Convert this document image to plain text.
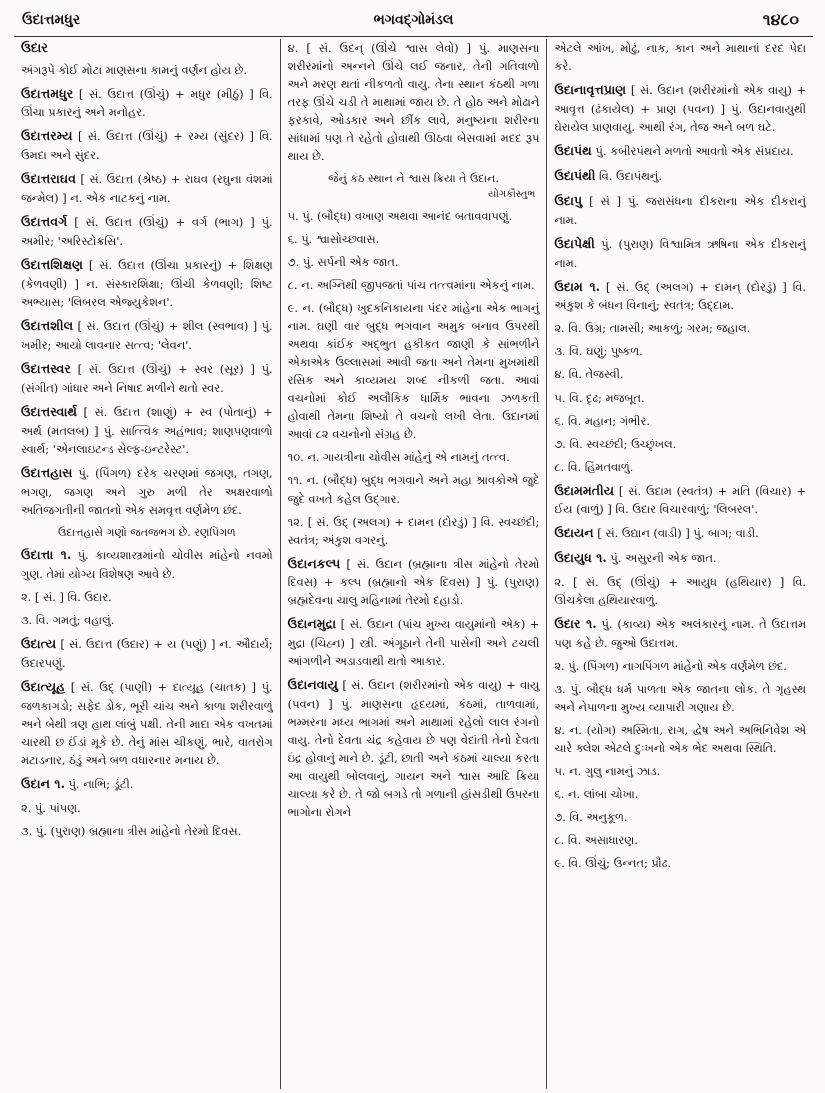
ઉદાત્તમધુર	ભગવદ્ગોમંડલ	૧૪૮૦
ઉદાર
અંગરૂપે કોઈ મોટા માણસના કામનું વર્ણન હોય છે.
ઉદાત્તમધુર [ સં. ઉદાત્ત (ઊંચું) + મધુર (મીઠું) ] વિ. ઊંચા પ્રકારનું અને મનોહર.
ઉદાત્તરમ્ય [ સં. ઉદાત્ત (ઊંચું) + રમ્ય (સુંદર) ] વિ. ઉમદા અને સુંદર.
ઉદાત્તરાઘવ [ સં. ઉદાત્ત (શ્રેષ્ઠ) + રાઘવ (રઘુના વંશમાં જન્મેલ) ] ન. એક નાટકનું નામ.
ઉદાત્તવર્ગ [ સં. ઉદાત્ત (ઊંચું) + વર્ગ (ભાગ) ] પું. અમીર; 'અરિસ્ટોક્રસિ'.
ઉદાત્તશિક્ષણ [ સં. ઉદાત્ત (ઊંચા પ્રકારનું) + શિક્ષણ (કેળવણી) ] ન. સંસ્કારશિક્ષા; ઊંચી કેળવણી; શિષ્ટ અભ્યાસ; 'લિબરલ એજ્યુકેશન'.
ઉદાત્તશીલ [ સં. ઉદાત્ત (ઊંચું) + શીલ (સ્વભાવ) ] પું. ખમીર; આયો લાવનાર સત્ત્વ; 'લેવન'.
ઉદાત્તસ્વર [ સં. ઉદાત્ત (ઊંચું) + સ્વર (સૂર) ] પું. (સંગીત) ગાંધાર અને નિષાદ મળીને થતો સ્વર.
ઉદાત્તસ્વાર્થ [ સં. ઉદાત્ત (શાણું) + સ્વ (પોતાનું) + અર્થ (મતલબ) ] પું. સાત્ત્વિક અહંભાવ; શાણપણવાળો સ્વાર્થ; 'એનલાઇટન્ડ સેલ્ફ-ઇન્ટરેસ્ટ'.
ઉદાત્તહાસ પું. (પિંગળ) દરેક ચરણમાં જગણ, તગણ, ભગણ, જગણ અને ગુરુ મળી તેર અક્ષરવાળો અતિજગતીની જાતનો એક સમવૃત્ત વર્ણમેળ છંદ.
ઉદાત્તહાસે ગણો જતજભગ છે. રણપિંગળ
ઉદાત્તા ૧. પું. કાવ્યશાસ્ત્રમાંનો ચોવીસ માંહેનો નવમો ગુણ. તેમાં યોગ્ય વિશેષણ આવે છે.
૨. [ સં. ] વિ. ઉદાર.
૩. વિ. ગમતું; વહાલું.
ઉદાત્ય [ સં. ઉદાત્ત (ઉદાર) + ય (પણું) ] ન. ઔદાર્ય; ઉદારપણું.
ઉદાત્યૂહ [ સં. ઉદ્ (પાણી) + દાત્યૂહ (ચાતક) ] પું. જળકાગડો; સફેદ ડોક, ભૂરી ચાંચ અને કાળા શરીરવાળું અને બેથી ત્રણ હાથ લાંબું પક્ષી. તેની માદા એક વખતમાં ચારથી છ ઈંડાં મૂકે છે. તેનું માંસ ચીકણું, ભારે, વાતરોગ મટાડનાર, ઠંડું અને બળ વધારનાર મનાય છે.
ઉદાન ૧. પું. નાભિ; ડૂંટી.
૨. પું. પાંપણ.
૩. પું. (પુરાણ) બ્રહ્માના ત્રીસ માંહેનો તેરમો દિવસ.
૪. [ સં. ઉદન્ (ઊંચે શ્વાસ લેવો) ] પું. માણસના શરીરમાંનો અન્નને ઊંચે લઈ જનાર, તેની ગતિવાળો અને મરણ થતાં નીકળતો વાયુ. તેના સ્થાન કંઠથી ગળા તરફ ઊંચે ચડી તે માથામાં જાય છે. તે હોઠ અને મોઢાને ફરકાવે, ઓડકાર અને છીંક લાવે, મનુષ્યના શરીરના સાંધામાં પણ તે રહેતો હોવાથી ઊઠવા બેસવામાં મદદ રૂપ થાય છે.
જેનું કંઠ સ્થાન ને શ્વાસ ક્રિયા તે ઉદાન.
યોગકૌસ્તુભ
૫. પું. (બૌદ્ધ) વખાણ અથવા આનંદ બતાવવાપણું.
૬. પું. શ્વાસોચ્છ્વાસ.
૭. પું. સર્પની એક જાત.
૮. ન. અગ્નિથી જીપજતાં પાંચ તત્ત્વમાંના એકનું નામ.
૯. ન. (બૌદ્ધ) ખુદકનિકાયના પંદર માંહેના એક ભાગનું નામ. ઘણી વાર બુદ્ધ ભગવાન અમુક બનાવ ઉપરથી અથવા કાંઈક અદ્ભુત હકીકત જાણી કે સાંભળીને એકાએક ઉલ્લાસમાં આવી જતા અને તેમના મુખમાંથી રસિક અને કાવ્યમય શબ્દ નીકળી જતા. આવાં વચનોમાં કોઈ અલૌકિક ધાર્મિક ભાવના ઝળકતી હોવાથી તેમના શિષ્યો તે વચનો લખી લેતા. ઉદાનમાં આવાં ૮૨ વચનોનો સંગ્રહ છે.
૧૦. ન. ગાયત્રીના ચોવીસ માંહેનું એ નામનું તત્ત્વ.
૧૧. ન. (બૌદ્ધ) બુદ્ધ ભગવાને અને મહા શ્રાવકોએ જુદે જુદે વખતે કહેલ ઉદ્ગાર.
૧૨. [ સં. ઉદ્ (અલગ) + દામન (દોરડું) ] વિ. સ્વચ્છંદી; સ્વતંત્ર; અંકુશ વગરનું.
ઉદાનકલ્પ [ સં. ઉદાન (બ્રહ્માના ત્રીસ માંહેનો તેરમો દિવસ) + કલ્પ (બ્રહ્માનો એક દિવસ) ] પું. (પુરાણ) બ્રહ્મદેવના ચાલુ મહિનામાં તેરમો દહાડો.
ઉદાનમુદ્રા [ સં. ઉદાન (પાંચ મુખ્ય વાયુમાંનો એક) + મુદ્રા (ચિહ્ન) ] સ્ત્રી. અંગૂઠાને તેની પાસેની અને ટચલી આંગળીને અડાડવાથી થતો આકાર.
ઉદાનવાયુ [ સં. ઉદાન (શરીરમાંનો એક વાયુ) + વાયુ (પવન) ] પું. માણસના હૃદયમાં, કંઠમાં, તાળવામાં, ભમ્મરના મધ્ય ભાગમાં અને માથામાં રહેલો લાલ રંગનો વાયુ. તેનો દેવતા ચંદ્ર કહેવાય છે પણ વેદાંતી તેનો દેવતા ઇંદ્ર હોવાનું માને છે. ડૂંટી, છાતી અને કંઠમાં ચાલ્યા કરતા આ વાયુથી બોલવાનું, ગાયન અને શ્વાસ આદિ ક્રિયા ચાલ્યા કરે છે. તે જો બગડે તો ગળાની હાંસડીથી ઉપરના ભાગોના રોગને
એટલે આંખ, મોઢું, નાક, કાન અને માથાનાં દરદ પેદા કરે.
ઉદાનાવૃત્તપ્રાણ [ સં. ઉદાન (શરીરમાંનો એક વાયુ) + આવૃત્ત (ઢંકાયેલ) + પ્રાણ (પવન) ] પું. ઉદાનવાયુથી ઘેરાયેલ પ્રાણવાયુ. આથી રંગ, તેજ અને બળ ઘટે.
ઉદાપંથ પું. કબીરપંથને મળતો આવતો એક સંપ્રદાય.
ઉદાપંથી વિ. ઉદાપંથનું.
ઉદાપુ [ સં ] પું. જરાસંધના દીકરાના એક દીકરાનું નામ.
ઉદાપેક્ષી પું. (પુરાણ) વિશ્વામિત્ર ઋષિના એક દીકરાનું નામ.
ઉદામ ૧. [ સં. ઉદ્ (અલગ) + દામન્ (દોરડું) ] વિ. અંકુશ કે બંધન વિનાનું; સ્વતંત્ર; ઉદ્દામ.
૨. વિ. ઉગ્ર; તામસી; આકળું; ગરમ; જહાલ.
૩. વિ. ઘણું; પુષ્કળ.
૪. વિ. તેજસ્વી.
૫. વિ. દૃઢ; મજબૂત.
૬. વિ. મહાન; ગંભીર.
૭. વિ. સ્વચ્છંદી; ઉચ્છૃંખલ.
૮. વિ. હિંમતવાળું.
ઉદામમતીય [ સં. ઉદામ (સ્વતંત્ર) + મતિ (વિચાર) + ઈય (વાળું) ] વિ. ઉદાર વિચારવાળું; 'લિબરલ'.
ઉદાયન [ સં. ઉદ્યાન (વાડી) ] પું. બાગ; વાડી.
ઉદાયુધ ૧. પું. અસુરની એક જાત.
૨. [ સં. ઉદ્ (ઊંચું) + આયુધ (હથિયાર) ] વિ. ઊંચકેલા હથિયારવાળું.
ઉદાર ૧. પું. (કાવ્ય) એક અલંકારનું નામ. તે ઉદાત્તમ પણ કહે છે. જુઓ ઉદાત્તમ.
૨. પું. (પિંગળ) નાગપિંગળ માંહેનો એક વર્ણમેળ છંદ.
૩. પું. બૌદ્ધ ધર્મ પાળતા એક જાતના લોક. તે ગૃહસ્થ અને નેપાળના મુખ્ય વ્યાપારી ગણાય છે.
૪. ન. (યોગ) અસ્મિતા, રાગ, દ્વેષ અને અભિનિવેશ એ ચારે ક્લેશ એટલે દુઃખનો એક ભેદ અથવા સ્થિતિ.
૫. ન. ગુલુ નામનું ઝાડ.
૬. ન. લાંબા ચોખા.
૭. વિ. અનુકૂળ.
૮. વિ. અસાધારણ.
૯. વિ. ઊંચું; ઉન્નત; પ્રૌઢ.
